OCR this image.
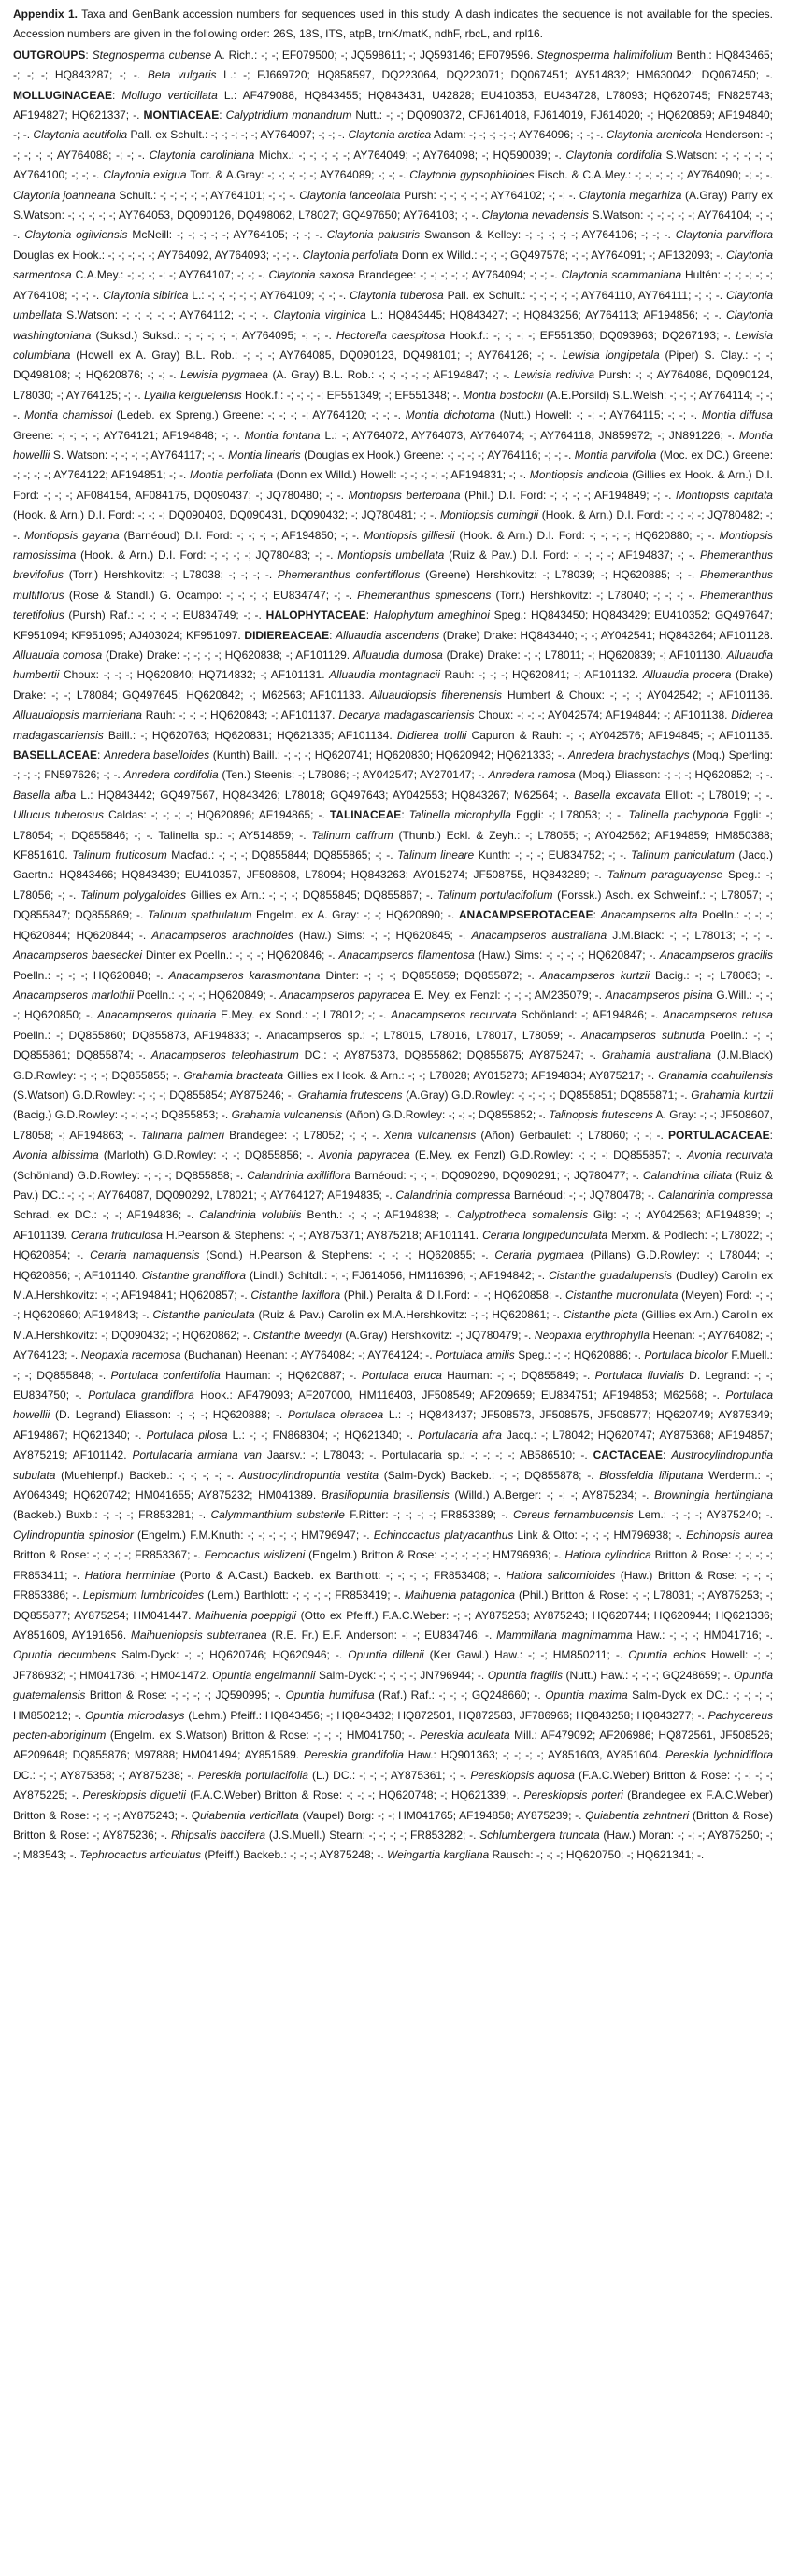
Appendix 1. Taxa and GenBank accession numbers for sequences used in this study. A dash indicates the sequence is not available for the species. Accession numbers are given in the following order: 26S, 18S, ITS, atpB, trnK/matK, ndhF, rbcL, and rpl16.

OUTGROUPS: Stegnosperma cubense A. Rich.: -; -; EF079500; -; JQ598611; -; JQ593146; EF079596. Stegnosperma halimifolium Benth.: HQ843465; -; -; -; HQ843287; -; -. Beta vulgaris L.: -; FJ669720; HQ858597, DQ223064, DQ223071; DQ067451; AY514832; HM630042; DQ067450; -. MOLLUGINACEAE: Mollugo verticillata L.: AF479088, HQ843455; HQ843431, U42828; EU410353, EU434728, L78093; HQ620745; FN825743; AF194827; HQ621337; -. MONTIACEAE: Calyptridium monandrum Nutt.: -; -; DQ090372, CFJ614018, FJ614019, FJ614020; -; HQ620859; AF194840; -; -. Claytonia acutifolia Pall. ex Schult.: -; -; -; -; -; AY764097; -; -; -. Claytonia arctica Adam: -; -; -; -; -; AY764096; -; -; -. Claytonia arenicola Henderson: -; -; -; -; -; AY764088; -; -; -. Claytonia caroliniana Michx.: -; -; -; -; -; AY764049; -; AY764098; -; HQ590039; -. Claytonia cordifolia S.Watson: -; -; -; -; -; AY764100; -; -; -. Claytonia exigua Torr. & A.Gray: -; -; -; -; -; AY764089; -; -; -. Claytonia gypsophiloides Fisch. & C.A.Mey.: -; -; -; -; -; AY764090; -; -; -. Claytonia joanneana Schult.: -; -; -; -; -; AY764101; -; -; -. Claytonia lanceolata Pursh: -; -; -; -; -; AY764102; -; -; -. Claytonia megarhiza (A.Gray) Parry ex S.Watson: -; -; -; -; -; AY764053, DQ090126, DQ498062, L78027; GQ497650; AY764103; -; -. Claytonia nevadensis S.Watson: -; -; -; -; -; AY764104; -; -; -. Claytonia ogilviensis McNeill: -; -; -; -; -; AY764105; -; -; -. Claytonia palustris Swanson & Kelley: -; -; -; -; -; AY764106; -; -; -. Claytonia parviflora Douglas ex Hook.: -; -; -; -; -; AY764092, AY764093; -; -; -. Claytonia perfoliata Donn ex Willd.: -; -; -; GQ497578; -; -; AY764091; -; AF132093; -. Claytonia sarmentosa C.A.Mey.: -; -; -; -; -; AY764107; -; -; -. Claytonia saxosa Brandegee: -; -; -; -; -; AY764094; -; -; -. Claytonia scammaniana Hultén: -; -; -; -; -; AY764108; -; -; -. Claytonia sibirica L.: -; -; -; -; -; AY764109; -; -; -. Claytonia tuberosa Pall. ex Schult.: -; -; -; -; -; AY764110, AY764111; -; -; -. Claytonia umbellata S.Watson: -; -; -; -; -; AY764112; -; -; -. Claytonia virginica L.: HQ843445; HQ843427; -; HQ843256; AY764113; AF194856; -; -. Claytonia washingtoniana (Suksd.) Suksd.: -; -; -; -; -; AY764095; -; -; -. Hectorella caespitosa Hook.f.: -; -; -; -; EF551350; DQ093963; DQ267193; -. Lewisia columbiana (Howell ex A. Gray) B.L. Rob.: -; -; -; AY764085, DQ090123, DQ498101; -; AY764126; -; -. Lewisia longipetala (Piper) S. Clay.: -; -; DQ498108; -; HQ620876; -; -; -. Lewisia pygmaea (A. Gray) B.L. Rob.: -; -; -; -; -; AF194847; -; -. Lewisia rediviva Pursh: -; -; AY764086, DQ090124, L78030; -; AY764125; -; -. Lyallia kerguelensis Hook.f.: -; -; -; -; EF551349; -; EF551348; -. Montia bostockii (A.E.Porsild) S.L.Welsh: -; -; -; AY764114; -; -; -. Montia chamissoi (Ledeb. ex Spreng.) Greene: -; -; -; -; AY764120; -; -; -. Montia dichotoma (Nutt.) Howell: -; -; -; AY764115; -; -; -. Montia diffusa Greene: -; -; -; -; AY764121; AF194848; -; -. Montia fontana L.: -; AY764072, AY764073, AY764074; -; AY764118, JN859972; -; JN891226; -. Montia howellii S. Watson: -; -; -; -; AY764117; -; -. Montia linearis (Douglas ex Hook.) Greene: -; -; -; -; AY764116; -; -; -. Montia parvifolia (Moc. ex DC.) Greene: -; -; -; -; AY764122; AF194851; -; -. Montia perfoliata (Donn ex Willd.) Howell: -; -; -; -; -; AF194831; -; -. Montiopsis andicola (Gillies ex Hook. & Arn.) D.I. Ford: -; -; -; AF084154, AF084175, DQ090437; -; JQ780480; -; -. Montiopsis berteroana (Phil.) D.I. Ford: -; -; -; -; AF194849; -; -. Montiopsis capitata (Hook. & Arn.) D.I. Ford: -; -; -; DQ090403, DQ090431, DQ090432; -; JQ780481; -; -. Montiopsis cumingii (Hook. & Arn.) D.I. Ford: -; -; -; -; JQ780482; -; -. Montiopsis gayana (Barnéoud) D.I. Ford: -; -; -; -; AF194850; -; -. Montiopsis gilliesii (Hook. & Arn.) D.I. Ford: -; -; -; -; HQ620880; -; -. Montiopsis ramosissima (Hook. & Arn.) D.I. Ford: -; -; -; -; JQ780483; -; -. Montiopsis umbellata (Ruiz & Pav.) D.I. Ford: -; -; -; -; AF194837; -; -. Phemeranthus brevifolius (Torr.) Hershkovitz: -; L78038; -; -; -; -. Phemeranthus confertiflorus (Greene) Hershkovitz: -; L78039; -; HQ620885; -; -. Phemeranthus multiflorus (Rose & Standl.) G. Ocampo: -; -; -; -; EU834747; -; -. Phemeranthus spinescens (Torr.) Hershkovitz: -; L78040; -; -; -; -. Phemeranthus teretifolius (Pursh) Raf.: -; -; -; -; EU834749; -; -. HALOPHYTACEAE: Halophytum ameghinoi Speg.: HQ843450; HQ843429; EU410352; GQ497647; KF951094; KF951095; AJ403024; KF951097. DIDIEREACEAE: Alluaudia ascendens (Drake) Drake: HQ843440; -; -; AY042541; HQ843264; AF101128. Alluaudia comosa (Drake) Drake: -; -; -; -; HQ620838; -; AF101129. Alluaudia dumosa (Drake) Drake: -; -; L78011; -; HQ620839; -; AF101130. Alluaudia humbertii Choux: -; -; -; HQ620840; HQ714832; -; AF101131. Alluaudia montagnacii Rauh: -; -; -; HQ620841; -; AF101132. Alluaudia procera (Drake) Drake: -; -; L78084; GQ497645; HQ620842; -; M62563; AF101133. Alluaudiopsis fiherenensis Humbert & Choux: -; -; -; AY042542; -; AF101136. Alluaudiopsis marnieriana Rauh: -; -; -; HQ620843; -; AF101137. Decarya madagascariensis Choux: -; -; -; AY042574; AF194844; -; AF101138. Didierea madagascariensis Baill.: -; HQ620763; HQ620831; HQ621335; AF101134. Didierea trollii Capuron & Rauh: -; -; AY042576; AF194845; -; AF101135. BASELLACEAE: Anredera baselloides (Kunth) Baill.: -; -; -; HQ620741; HQ620830; HQ620942; HQ621333; -. Anredera brachystachys (Moq.) Sperling: -; -; -; FN597626; -; -. Anredera cordifolia (Ten.) Steenis: -; L78086; -; AY042547; AY270147; -. Anredera ramosa (Moq.) Eliasson: -; -; -; HQ620852; -; -. Basella alba L.: HQ843442; GQ497567, HQ843426; L78018; GQ497643; AY042553; HQ843267; M62564; -. Basella excavata Elliot: -; L78019; -; -. Ullucus tuberosus Caldas: -; -; -; -; HQ620896; AF194865; -. TALINACEAE: Talinella microphylla Eggli: -; L78053; -; -. Talinella pachypoda Eggli: -; L78054; -; DQ855846; -; -. Talinella sp.: -; AY514859; -. Talinum caffrum (Thunb.) Eckl. & Zeyh.: -; L78055; -; AY042562; AF194859; HM850388; KF851610. Talinum fruticosum Macfad.: -; -; -; DQ855844; DQ855865; -; -. Talinum lineare Kunth: -; -; -; EU834752; -; -. Talinum paniculatum (Jacq.) Gaertn.: HQ843466; HQ843439; EU410357, JF508608, L78094; HQ843263; AY015274; JF508755, HQ843289; -. Talinum paraguayense Speg.: -; L78056; -; -. Talinum polygaloides Gillies ex Arn.: -; -; -; DQ855845; DQ855867; -. Talinum portulacifolium (Forssk.) Asch. ex Schweinf.: -; L78057; -; DQ855847; DQ855869; -. Talinum spathulatum Engelm. ex A. Gray: -; -; HQ620890; -. ANACAMPSEROTACEAE: Anacampseros alta Poelln.: -; -; -; HQ620844; HQ620844; -. Anacampseros arachnoides (Haw.) Sims: -; -; HQ620845; -. Anacampseros australiana J.M.Black: -; -; L78013; -; -; -. Anacampseros baeseckei Dinter ex Poelln.: -; -; -; HQ620846; -. Anacampseros filamentosa (Haw.) Sims: -; -; -; -; HQ620847; -. Anacampseros gracilis Poelln.: -; -; -; HQ620848; -. Anacampseros karasmontana Dinter: -; -; -; DQ855859; DQ855872; -. Anacampseros kurtzii Bacig.: -; -; L78063; -. Anacampseros marlothii Poelln.: -; -; -; HQ620849; -. Anacampseros papyracea E. Mey. ex Fenzl: -; -; -; AM235079; -. Anacampseros pisina G.Will.: -; -; -; HQ620850; -. Anacampseros quinaria E.Mey. ex Sond.: -; L78012; -; -. Anacampseros recurvata Schönland: -; AF194846; -. Anacampseros retusa Poelln.: -; DQ855860; DQ855873, AF194833; -. Anacampseros sp.: -; L78015, L78016, L78017, L78059; -. Anacampseros subnuda Poelln.: -; -; DQ855861; DQ855874; -. Anacampseros telephiastrum DC.: -; AY875373, DQ855862; DQ855875; AY875247; -. Grahamia australiana (J.M.Black) G.D.Rowley: -; -; -; DQ855855; -. Grahamia bracteata Gillies ex Hook. & Arn.: -; -; L78028; AY015273; AF194834; AY875217; -. Grahamia coahuilensis (S.Watson) G.D.Rowley: -; -; -; DQ855854; AY875246; -. Grahamia frutescens (A.Gray) G.D.Rowley: -; -; -; -; DQ855851; DQ855871; -. Grahamia kurtzii (Bacig.) G.D.Rowley: -; -; -; -; DQ855853; -. Grahamia vulcanensis (Añon) G.D.Rowley: -; -; -; DQ855852; -. Talinopsis frutescens A. Gray: -; -; JF508607, L78058; -; AF194863; -. Talinaria palmeri Brandegee: -; L78052; -; -; -. Xenia vulcanensis (Añon) Gerbaulet: -; L78060; -; -; -. PORTULACACEAE: Avonia albissima (Marloth) G.D.Rowley: -; -; DQ855856; -. Avonia papyracea (E.Mey. ex Fenzl) G.D.Rowley: -; -; -; DQ855857; -. Avonia recurvata (Schönland) G.D.Rowley: -; -; -; DQ855858; -. Calandrinia axilliflora Barnéoud: -; -; -; DQ090290, DQ090291; -; JQ780477; -. Calandrinia ciliata (Ruiz & Pav.) DC.: -; -; -; AY764087, DQ090292, L78021; -; AY764127; AF194835; -. Calandrinia compressa Barnéoud: -; -; JQ780478; -. Calandrinia compressa Schrad. ex DC.: -; -; AF194836; -. Calandrinia volubilis Benth.: -; -; -; AF194838; -. Calyptrotheca somalensis Gilg: -; -; AY042563; AF194839; -; AF101139. Ceraria fruticulosa H.Pearson & Stephens: -; -; AY875371; AY875218; AF101141. Ceraria longipedunculata Merxm. & Podlech: -; L78022; -; HQ620854; -. Ceraria namaquensis (Sond.) H.Pearson & Stephens: -; -; -; HQ620855; -. Ceraria pygmaea (Pillans) G.D.Rowley: -; L78044; -; HQ620856; -; AF101140. Cistanthe grandiflora (Lindl.) Schltdl.: -; -; FJ614056, HM116396; -; AF194842; -. Cistanthe guadalupensis (Dudley) Carolin ex M.A.Hershkovitz: -; -; AF194841; HQ620857; -. Cistanthe laxiflora (Phil.) Peralta & D.I.Ford: -; -; HQ620858; -. Cistanthe mucronulata (Meyen) Ford: -; -; -; HQ620860; AF194843; -. Cistanthe paniculata (Ruiz & Pav.) Carolin ex M.A.Hershkovitz: -; -; HQ620861; -. Cistanthe picta (Gillies ex Arn.) Carolin ex M.A.Hershkovitz: -; DQ090432; -; HQ620862; -. Cistanthe tweedyi (A.Gray) Hershkovitz: -; JQ780479; -. Neopaxia erythrophylla Heenan: -; AY764082; -; AY764123; -. Neopaxia racemosa (Buchanan) Heenan: -; AY764084; -; AY764124; -. Portulaca amilis Speg.: -; -; HQ620886; -. Portulaca bicolor F.Muell.: -; -; DQ855848; -. Portulaca confertifolia Hauman: -; HQ620887; -. Portulaca eruca Hauman: -; -; DQ855849; -. Portulaca fluvialis D. Legrand: -; -; EU834750; -. Portulaca grandiflora Hook.: AF479093; AF207000, HM116403, JF508549; AF209659; EU834751; AF194853; M62568; -. Portulaca howellii (D. Legrand) Eliasson: -; -; -; HQ620888; -. Portulaca oleracea L.: -; HQ843437; JF508573, JF508575, JF508577; HQ620749; AY875349; AF194867; HQ621340; -. Portulaca pilosa L.: -; -; FN868304; -; HQ621340; -. Portulacaria afra Jacq.: -; L78042; HQ620747; AY875368; AF194857; AY875219; AF101142. Portulacaria armiana van Jaarsv.: -; L78043; -. Portulacaria sp.: -; -; -; -; AB586510; -. CACTACEAE: Austrocylindropuntia subulata (Muehlenpf.) Backeb.: -; -; -; -; -. Austrocylindropuntia vestita (Salm-Dyck) Backeb.: -; -; DQ855878; -. Blossfeldia liliputana Werderm.: -; AY064349; HQ620742; HM041655; AY875232; HM041389. Brasiliopuntia brasiliensis (Willd.) A.Berger: -; -; -; AY875234; -. Browningia hertlingiana (Backeb.) Buxb.: -; -; -; FR853281; -. Calymmanthium substerile F.Ritter: -; -; -; -; FR853389; -. Cereus fernambucensis Lem.: -; -; -; AY875240; -. Cylindropuntia spinosior (Engelm.) F.M.Knuth: -; -; -; -; -; HM796947; -. Echinocactus platyacanthus Link & Otto: -; -; -; HM796938; -. Echinopsis aurea Britton & Rose: -; -; -; -; FR853367; -. Ferocactus wislizeni (Engelm.) Britton & Rose: -; -; -; -; -; HM796936; -. Hatiora cylindrica Britton & Rose: -; -; -; -; FR853411; -. Hatiora herminiae (Porto & A.Cast.) Backeb. ex Barthlott: -; -; -; -; FR853408; -. Hatiora salicornioides (Haw.) Britton & Rose: -; -; -; FR853386; -. Lepismium lumbricoides (Lem.) Barthlott: -; -; -; -; FR853419; -. Maihuenia patagonica (Phil.) Britton & Rose: -; -; L78031; -; AY875253; -; DQ855877; AY875254; HM041447. Maihuenia poeppigii (Otto ex Pfeiff.) F.A.C.Weber: -; -; AY875253; AY875243; HQ620744; HQ620944; HQ621336; AY851609, AY191656. Maihueniopsis subterranea (R.E. Fr.) E.F. Anderson: -; -; EU834746; -. Mammillaria magnimamma Haw.: -; -; -; HM041716; -. Opuntia decumbens Salm-Dyck: -; -; HQ620746; HQ620946; -. Opuntia dillenii (Ker Gawl.) Haw.: -; -; HM850211; -. Opuntia echios Howell: -; -; JF786932; -; HM041736; -; HM041472. Opuntia engelmannii Salm-Dyck: -; -; -; -; JN796944; -. Opuntia fragilis (Nutt.) Haw.: -; -; -; GQ248659; -. Opuntia guatemalensis Britton & Rose: -; -; -; -; JQ590995; -. Opuntia humifusa (Raf.) Raf.: -; -; -; GQ248660; -. Opuntia maxima Salm-Dyck ex DC.: -; -; -; -; HM850212; -. Opuntia microdasys (Lehm.) Pfeiff.: HQ843456; -; HQ843432; HQ872501, HQ872583, JF786966; HQ843258; HQ843277; -. Pachycereus pecten-aboriginum (Engelm. ex S.Watson) Britton & Rose: -; -; -; HM041750; -. Pereskia aculeata Mill.: AF479092; AF206986; HQ872561, JF508526; AF209648; DQ855876; M97888; HM041494; AY851589. Pereskia grandifolia Haw.: HQ901363; -; -; -; -; AY851603, AY851604. Pereskia lychnidiflora DC.: -; -; AY875358; -; AY875238; -. Pereskia portulacifolia (L.) DC.: -; -; -; AY875361; -; -. Pereskiopsis aquosa (F.A.C.Weber) Britton & Rose: -; -; -; -; AY875225; -. Pereskiopsis diguetii (F.A.C.Weber) Britton & Rose: -; -; -; HQ620748; -; HQ621339; -. Pereskiopsis porteri (Brandegee ex F.A.C.Weber) Britton & Rose: -; -; -; AY875243; -. Quiabentia verticillata (Vaupel) Borg: -; -; HM041765; AF194858; AY875239; -. Quiabentia zehntneri (Britton & Rose) Britton & Rose: -; AY875236; -. Rhipsalis baccifera (J.S.Muell.) Stearn: -; -; -; -; FR853282; -. Schlumbergera truncata (Haw.) Moran: -; -; -; AY875250; -; -; M83543; -. Tephrocactus articulatus (Pfeiff.) Backeb.: -; -; -; AY875248; -. Weingartia kargliana Rausch: -; -; -; HQ620750; -; HQ621341; -.
